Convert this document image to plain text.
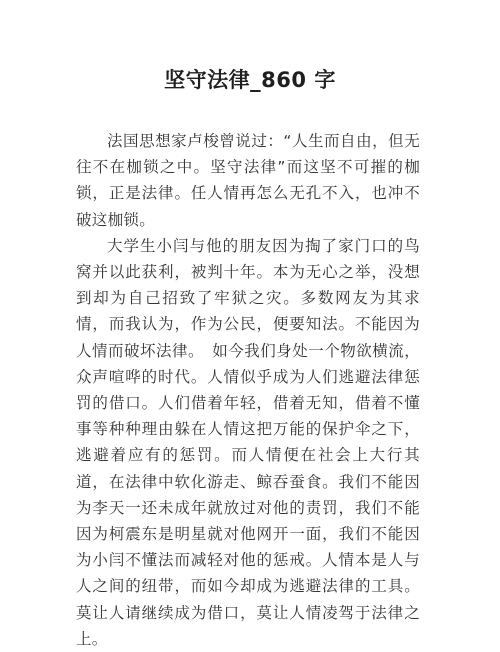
坚守法律_860 字

法国思想家卢梭曾说过：“人生而自由，但无往不在枷锁之中。坚守法律”而这坚不可摧的枷锁，正是法律。任人情再怎么无孔不入，也冲不破这枷锁。

大学生小闫与他的朋友因为掏了家门口的鸟窝并以此获利，被判十年。本为无心之举，没想到却为自己招致了牢狱之灾。多数网友为其求情，而我认为，作为公民，便要知法。不能因为人情而破坏法律。　如今我们身处一个物欲横流，众声喧哗的时代。人情似乎成为人们逃避法律惩罚的借口。人们借着年轻，借着无知，借着不懂事等种种理由躲在人情这把万能的保护伞之下，逃避着应有的惩罚。而人情便在社会上大行其道，在法律中软化游走、鲸吞蚕食。我们不能因为李天一还未成年就放过对他的责罚，我们不能因为柯震东是明星就对他网开一面，我们不能因为小闫不懂法而减轻对他的惩戒。人情本是人与人之间的纽带，而如今却成为逃避法律的工具。莫让人请继续成为借口，莫让人情凌驾于法律之上。
